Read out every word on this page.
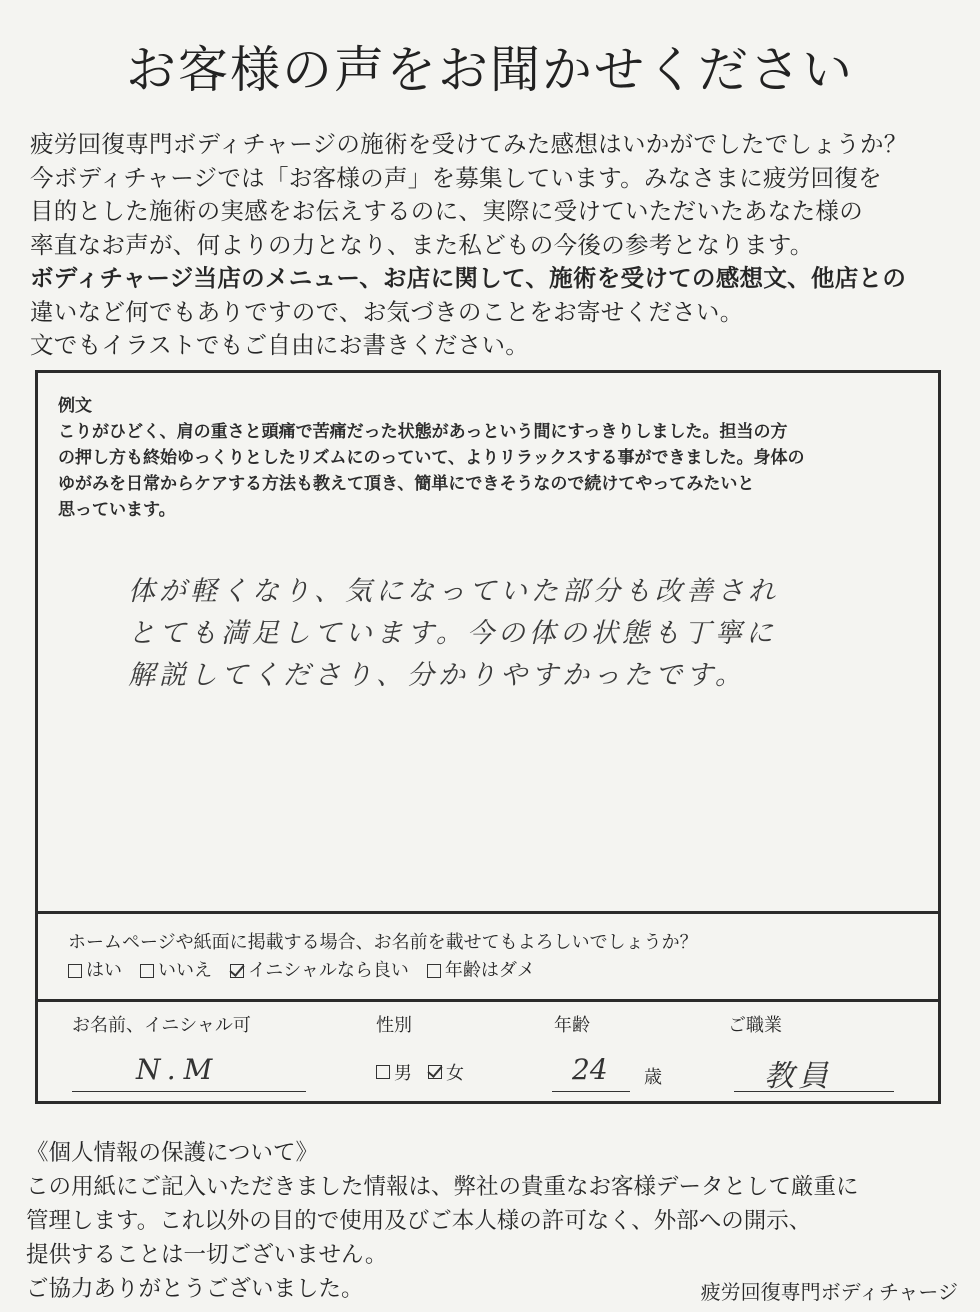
お客様の声をお聞かせください

疲労回復専門ボディチャージの施術を受けてみた感想はいかがでしたでしょうか？

今ボディチャージでは「お客様の声」を募集しています。みなさまに疲労回復を

目的とした施術の実感をお伝えするのに、実際に受けていただいたあなた様の

率直なお声が、何よりの力となり、また私どもの今後の参考となります。

ボディチャージ当店のメニュー、お店に関して、施術を受けての感想文、他店との

違いなど何でもありですので、お気づきのことをお寄せください。

文でもイラストでもご自由にお書きください。

例文

こりがひどく、肩の重さと頭痛で苦痛だった状態があっという間にすっきりしました。担当の方

の押し方も終始ゆっくりとしたリズムにのっていて、よりリラックスする事ができました。身体の

ゆがみを日常からケアする方法も教えて頂き、簡単にできそうなので続けてやってみたいと

思っています。

体が軽くなり、気になっていた部分も改善され

とても満足しています。今の体の状態も丁寧に

解説してくださり、分かりやすかったです。

ホームページや紙面に掲載する場合、お名前を載せてもよろしいでしょうか？

はい いいえ イニシャルなら良い 年齢はダメ
お名前、イニシャル可
N.M
性別
男 女
年齢
24 歳
ご職業
教員

《個人情報の保護について》

この用紙にご記入いただきました情報は、弊社の貴重なお客様データとして厳重に

管理します。これ以外の目的で使用及びご本人様の許可なく、外部への開示、

提供することは一切ございません。

ご協力ありがとうございました。	疲労回復専門ボディチャージ
